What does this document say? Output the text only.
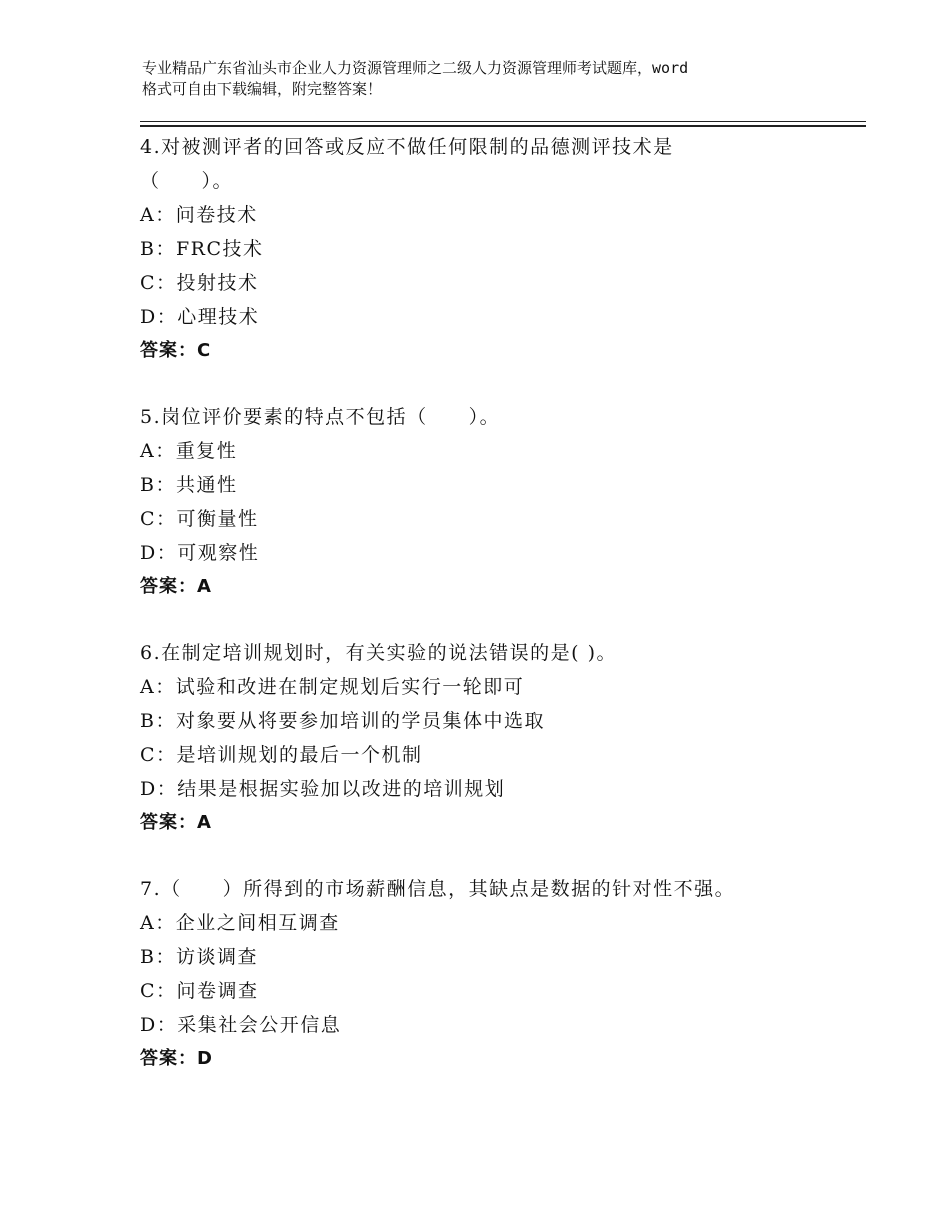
专业精品广东省汕头市企业人力资源管理师之二级人力资源管理师考试题库，word
格式可自由下载编辑，附完整答案！
4.对被测评者的回答或反应不做任何限制的品德测评技术是
（　　）。
A：问卷技术
B：FRC技术
C：投射技术
D：心理技术
答案：C
5.岗位评价要素的特点不包括（　　）。
A：重复性
B：共通性
C：可衡量性
D：可观察性
答案：A
6.在制定培训规划时，有关实验的说法错误的是( )。
A：试验和改进在制定规划后实行一轮即可
B：对象要从将要参加培训的学员集体中选取
C：是培训规划的最后一个机制
D：结果是根据实验加以改进的培训规划
答案：A
7.（　　）所得到的市场薪酬信息，其缺点是数据的针对性不强。
A：企业之间相互调查
B：访谈调查
C：问卷调查
D：采集社会公开信息
答案：D
